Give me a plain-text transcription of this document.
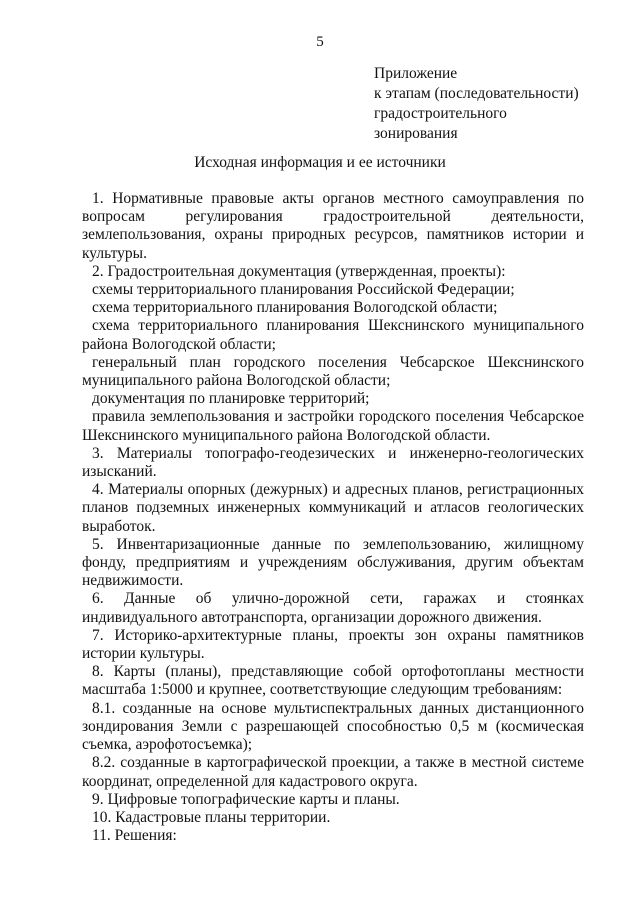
5
Приложение
к этапам (последовательности)
градостроительного
зонирования
Исходная информация и ее источники

1. Нормативные правовые акты органов местного самоуправления по вопросам регулирования градостроительной деятельности, землепользования, охраны природных ресурсов, памятников истории и культуры.

2. Градостроительная документация (утвержденная, проекты):

схемы территориального планирования Российской Федерации;

схема территориального планирования Вологодской области;

схема территориального планирования Шекснинского муниципального района Вологодской области;

генеральный план городского поселения Чебсарское Шекснинского муниципального района Вологодской области;

документация по планировке территорий;

правила землепользования и застройки городского поселения Чебсарское Шекснинского муниципального района Вологодской области.

3. Материалы топографо-геодезических и инженерно-геологических изысканий.

4. Материалы опорных (дежурных) и адресных планов, регистрационных планов подземных инженерных коммуникаций и атласов геологических выработок.

5. Инвентаризационные данные по землепользованию, жилищному фонду, предприятиям и учреждениям обслуживания, другим объектам недвижимости.

6. Данные об улично-дорожной сети, гаражах и стоянках индивидуального автотранспорта, организации дорожного движения.

7. Историко-архитектурные планы, проекты зон охраны памятников истории культуры.

8. Карты (планы), представляющие собой ортофотопланы местности масштаба 1:5000 и крупнее, соответствующие следующим требованиям:

8.1. созданные на основе мультиспектральных данных дистанционного зондирования Земли с разрешающей способностью 0,5 м (космическая съемка, аэрофотосъемка);

8.2. созданные в картографической проекции, а также в местной системе координат, определенной для кадастрового округа.

9. Цифровые топографические карты и планы.

10. Кадастровые планы территории.

11. Решения:
